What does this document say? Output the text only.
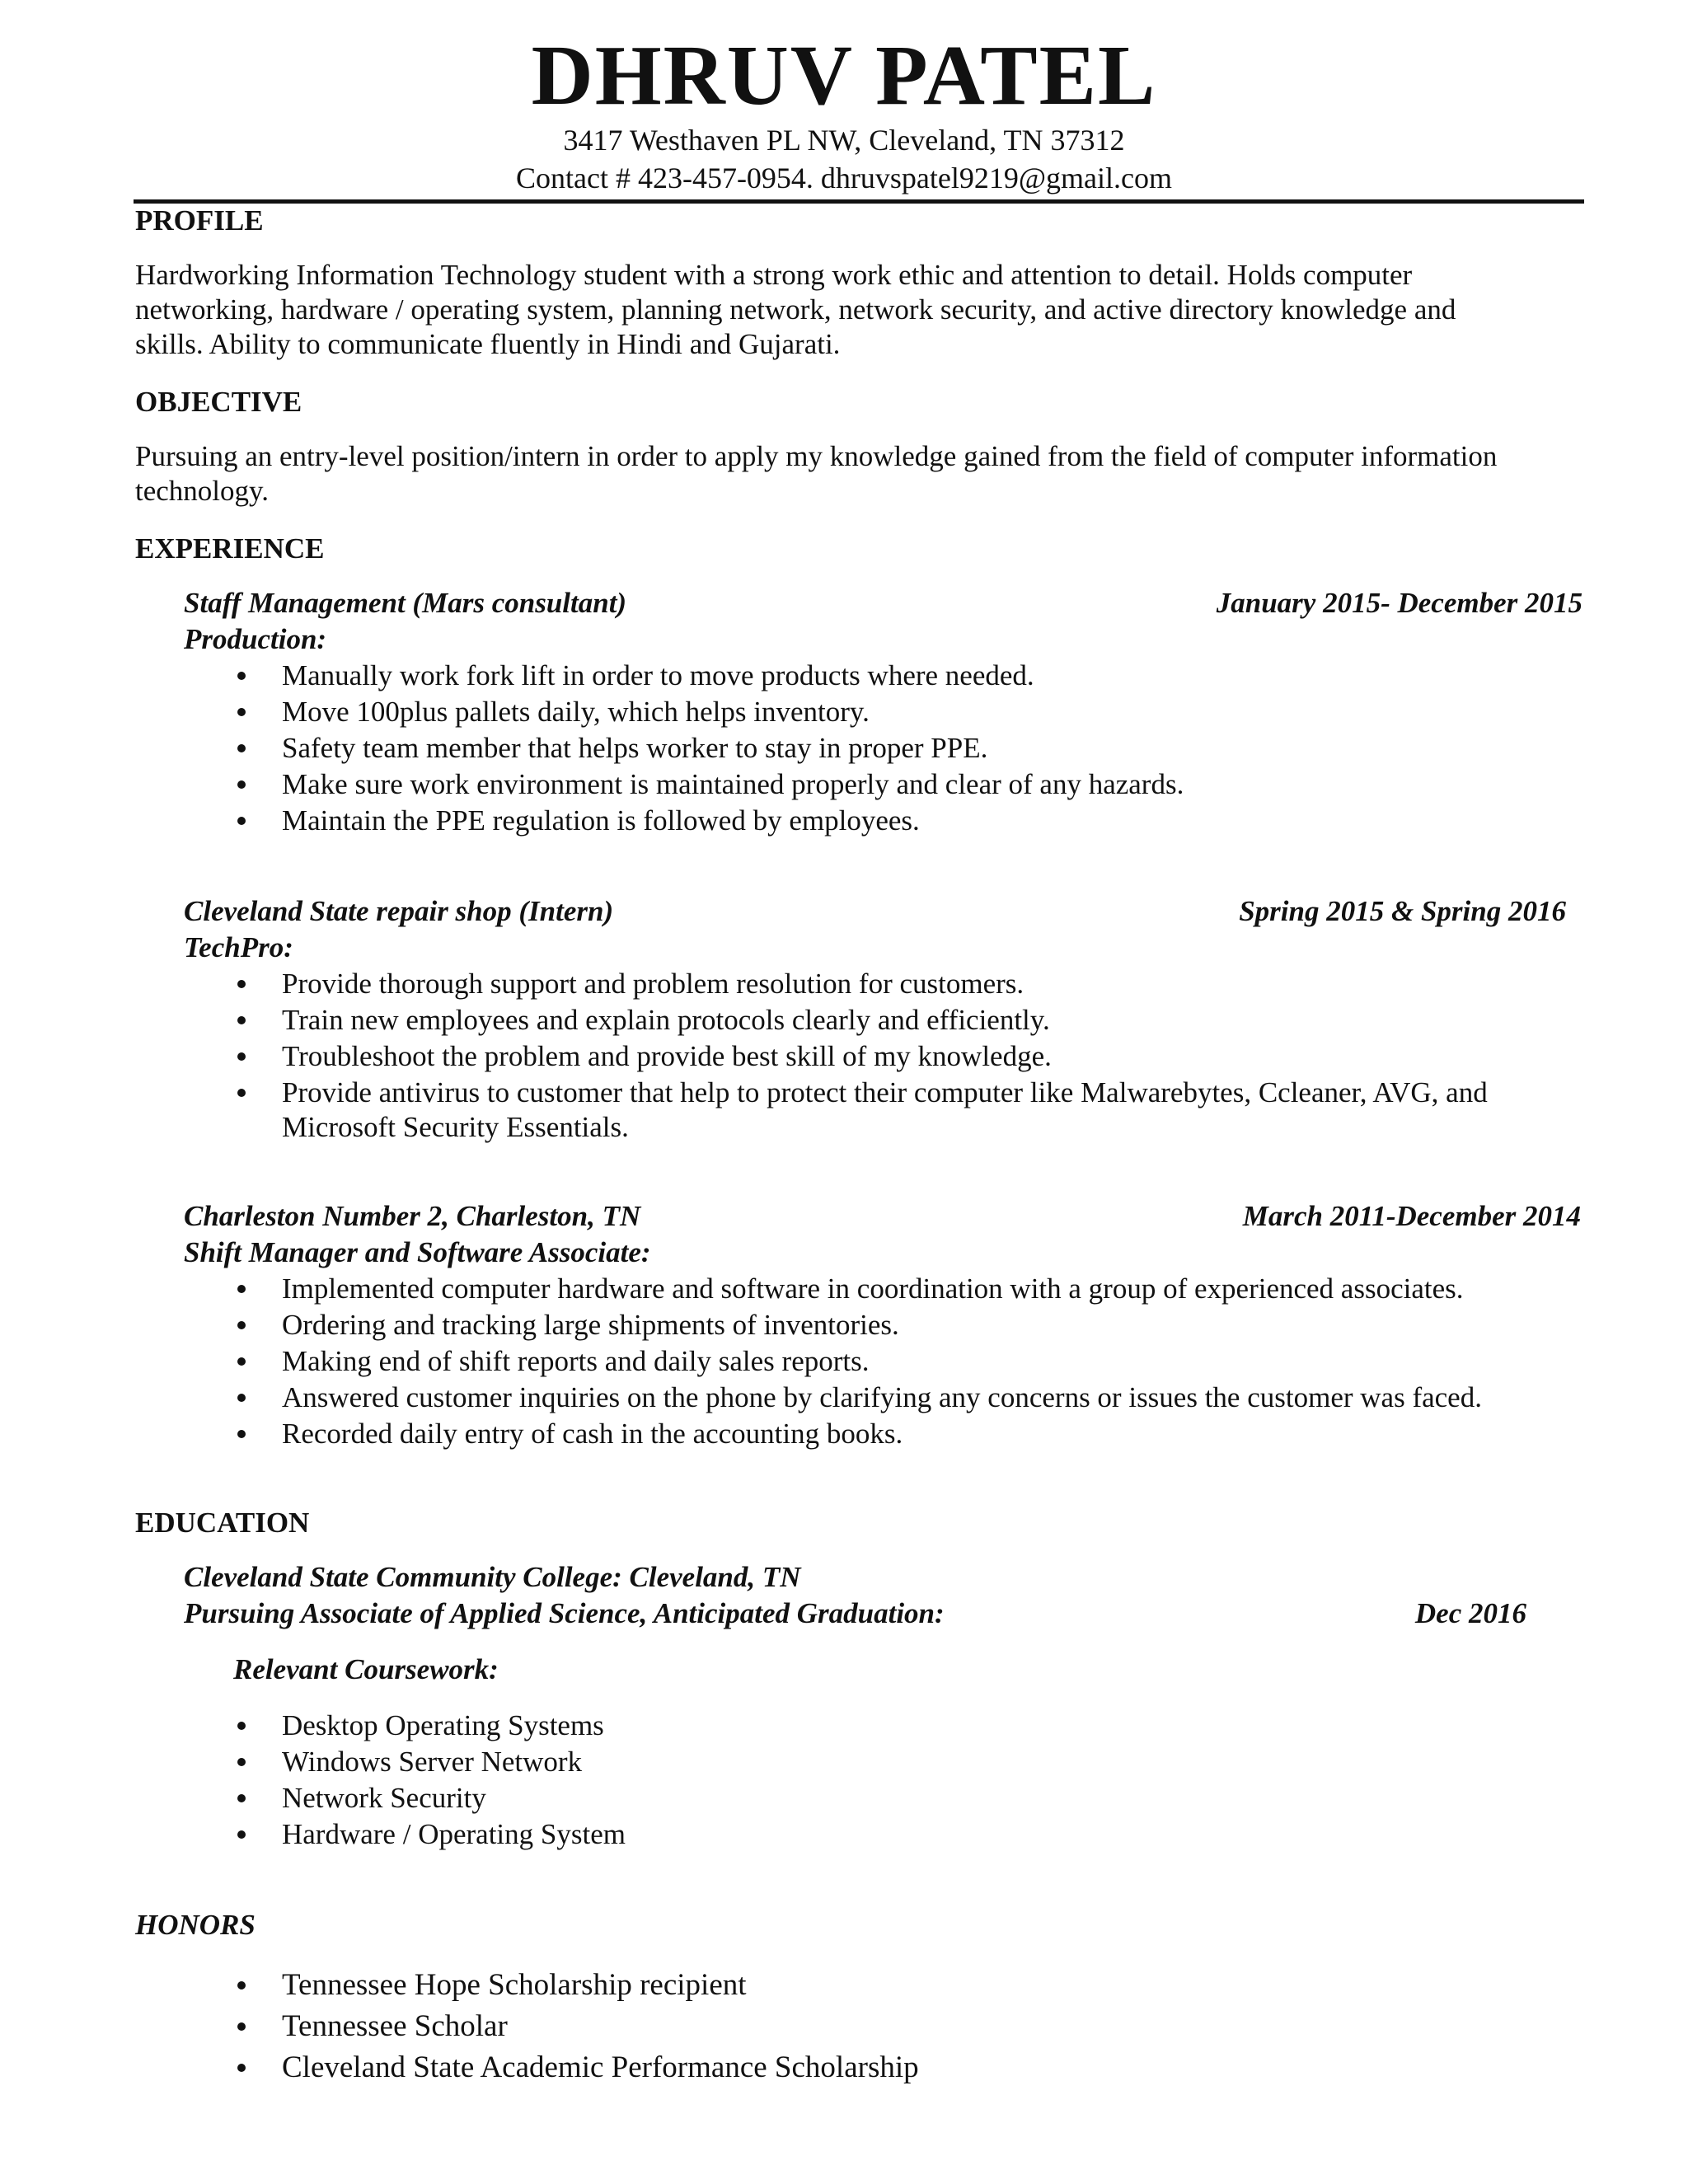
DHRUV PATEL
3417 Westhaven PL NW, Cleveland, TN 37312
Contact # 423-457-0954. dhruvspatel9219@gmail.com
PROFILE
Hardworking Information Technology student with a strong work ethic and attention to detail. Holds computer
networking, hardware / operating system, planning network, network security, and active directory knowledge and
skills. Ability to communicate fluently in Hindi and Gujarati.
OBJECTIVE
Pursuing an entry-level position/intern in order to apply my knowledge gained from the field of computer information
technology.
EXPERIENCE
Staff Management (Mars consultant)	January 2015- December 2015
Production:
Manually work fork lift in order to move products where needed.
Move 100plus pallets daily, which helps inventory.
Safety team member that helps worker to stay in proper PPE.
Make sure work environment is maintained properly and clear of any hazards.
Maintain the PPE regulation is followed by employees.
Cleveland State repair shop (Intern)	Spring 2015 & Spring 2016
TechPro:
Provide thorough support and problem resolution for customers.
Train new employees and explain protocols clearly and efficiently.
Troubleshoot the problem and provide best skill of my knowledge.
Provide antivirus to customer that help to protect their computer like Malwarebytes, Ccleaner, AVG, and
Microsoft Security Essentials.
Charleston Number 2, Charleston, TN	March 2011-December 2014
Shift Manager and Software Associate:
Implemented computer hardware and software in coordination with a group of experienced associates.
Ordering and tracking large shipments of inventories.
Making end of shift reports and daily sales reports.
Answered customer inquiries on the phone by clarifying any concerns or issues the customer was faced.
Recorded daily entry of cash in the accounting books.
EDUCATION
Cleveland State Community College: Cleveland, TN
Pursuing Associate of Applied Science, Anticipated Graduation:	Dec 2016
Relevant Coursework:
Desktop Operating Systems
Windows Server Network
Network Security
Hardware / Operating System
HONORS
Tennessee Hope Scholarship recipient
Tennessee Scholar
Cleveland State Academic Performance Scholarship
